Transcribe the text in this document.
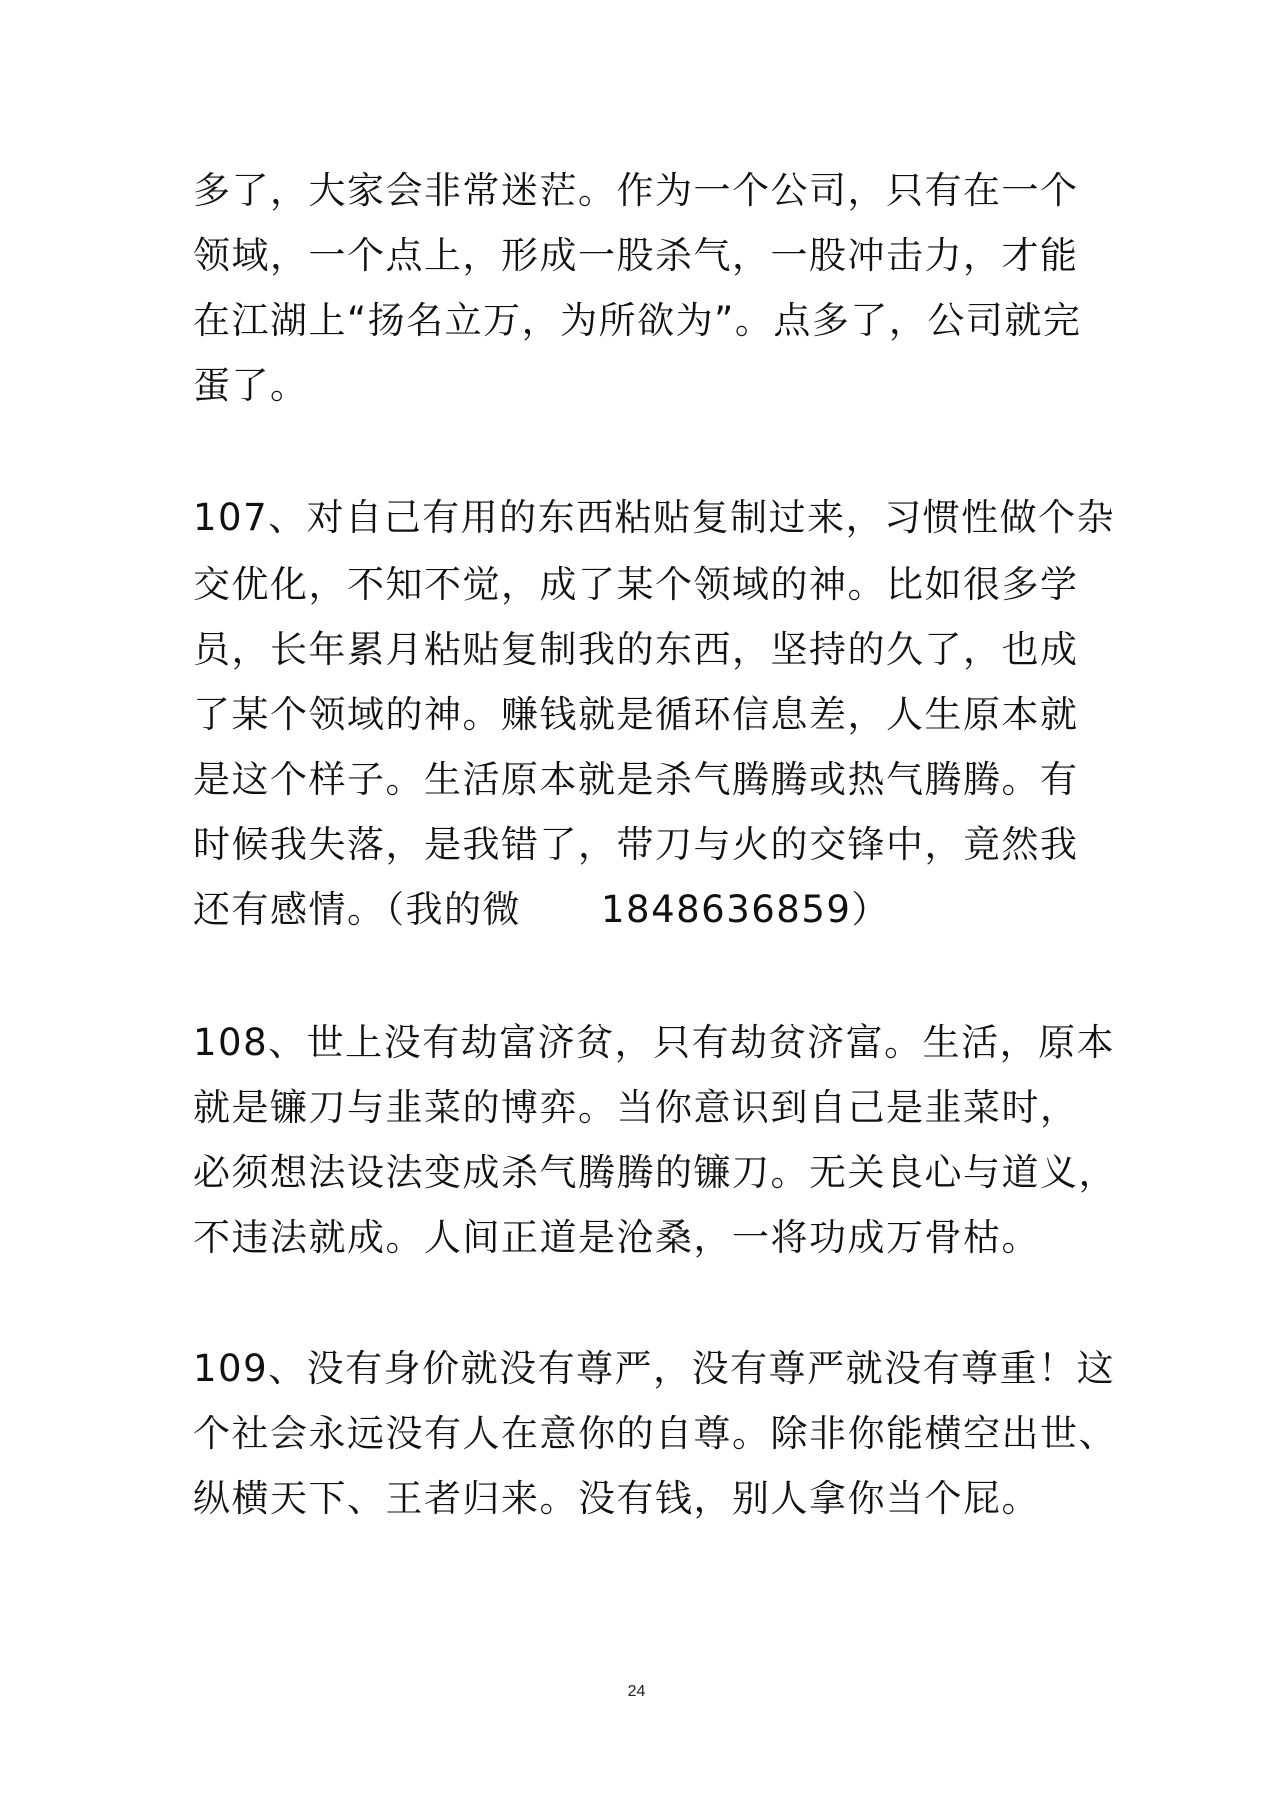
多了，大家会非常迷茫。作为一个公司，只有在一个
领域，一个点上，形成一股杀气，一股冲击力，才能
在江湖上“扬名立万，为所欲为”。点多了，公司就完
蛋了。
107、对自己有用的东西粘贴复制过来，习惯性做个杂
交优化，不知不觉，成了某个领域的神。比如很多学
员，长年累月粘贴复制我的东西，坚持的久了，也成
了某个领域的神。赚钱就是循环信息差，人生原本就
是这个样子。生活原本就是杀气腾腾或热气腾腾。有
时候我失落，是我错了，带刀与火的交锋中，竟然我
还有感情。（我的微 1848636859）
108、世上没有劫富济贫，只有劫贫济富。生活，原本
就是镰刀与韭菜的博弈。当你意识到自己是韭菜时，
必须想法设法变成杀气腾腾的镰刀。无关良心与道义，
不违法就成。人间正道是沧桑，一将功成万骨枯。
109、没有身价就没有尊严，没有尊严就没有尊重！这
个社会永远没有人在意你的自尊。除非你能横空出世、
纵横天下、王者归来。没有钱，别人拿你当个屁。
24
